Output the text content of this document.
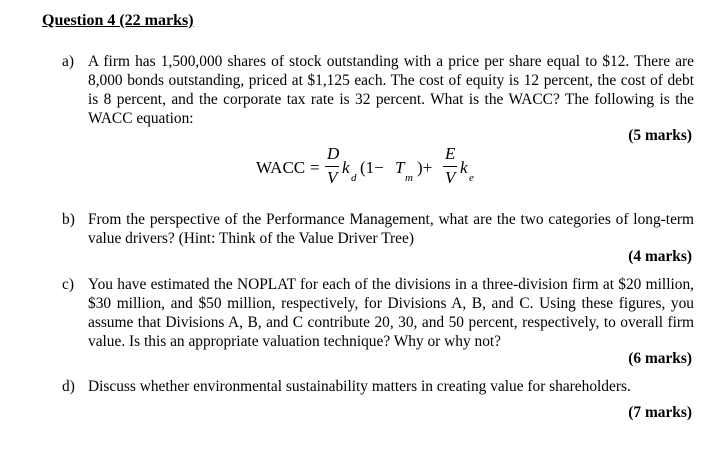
Question 4 (22 marks)
a) A firm has 1,500,000 shares of stock outstanding with a price per share equal to $12. There are 8,000 bonds outstanding, priced at $1,125 each. The cost of equity is 12 percent, the cost of debt is 8 percent, and the corporate tax rate is 32 percent. What is the WACC? The following is the WACC equation:
(5 marks)
WACC =
D
V
k
d
(1− T
m
)+
E
V
k
e
b) From the perspective of the Performance Management, what are the two categories of long-term value drivers? (Hint: Think of the Value Driver Tree)
(4 marks)
c) You have estimated the NOPLAT for each of the divisions in a three-division firm at $20 million, $30 million, and $50 million, respectively, for Divisions A, B, and C. Using these figures, you assume that Divisions A, B, and C contribute 20, 30, and 50 percent, respectively, to overall firm value. Is this an appropriate valuation technique? Why or why not?
(6 marks)
d) Discuss whether environmental sustainability matters in creating value for shareholders.
(7 marks)
